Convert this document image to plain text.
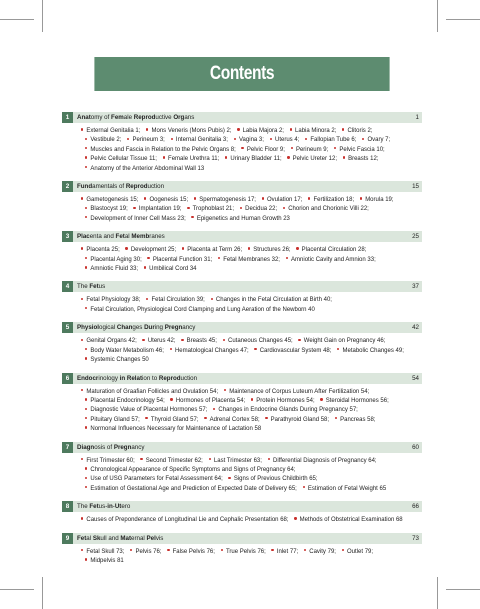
Contents
1	Anatomy of Female Reproductive Organs	1
External Genitalia 1; Mons Veneris (Mons Pubis) 2; Labia Majora 2; Labia Minora 2; Clitoris 2; Vestibule 2; Perineum 3; Internal Genitalia 3; Vagina 3; Uterus 4; Fallopian Tube 6; Ovary 7; Muscles and Fascia in Relation to the Pelvic Organs 8; Pelvic Floor 9; Perineum 9; Pelvic Fascia 10; Pelvic Cellular Tissue 11; Female Urethra 11; Urinary Bladder 11; Pelvic Ureter 12; Breasts 12; Anatomy of the Anterior Abdominal Wall 13
2	Fundamentals of Reproduction	15
Gametogenesis 15; Oogenesis 15; Spermatogenesis 17; Ovulation 17; Fertilization 18; Morula 19; Blastocyst 19; Implantation 19; Trophoblast 21; Decidua 22; Chorion and Chorionic Villi 22; Development of Inner Cell Mass 23; Epigenetics and Human Growth 23
3	Placenta and Fetal Membranes	25
Placenta 25; Development 25; Placenta at Term 26; Structures 26; Placental Circulation 28; Placental Aging 30; Placental Function 31; Fetal Membranes 32; Amniotic Cavity and Amnion 33; Amniotic Fluid 33; Umbilical Cord 34
4	The Fetus	37
Fetal Physiology 38; Fetal Circulation 39; Changes in the Fetal Circulation at Birth 40; Fetal Circulation, Physiological Cord Clamping and Lung Aeration of the Newborn 40
5	Physiological Changes During Pregnancy	42
Genital Organs 42; Uterus 42; Breasts 45; Cutaneous Changes 45; Weight Gain on Pregnancy 46; Body Water Metabolism 46; Hematological Changes 47; Cardiovascular System 48; Metabolic Changes 49; Systemic Changes 50
6	Endocrinology in Relation to Reproduction	54
Maturation of Graafian Follicles and Ovulation 54; Maintenance of Corpus Luteum After Fertilization 54; Placental Endocrinology 54; Hormones of Placenta 54; Protein Hormones 54; Steroidal Hormones 56; Diagnostic Value of Placental Hormones 57; Changes in Endocrine Glands During Pregnancy 57; Pituitary Gland 57; Thyroid Gland 57; Adrenal Cortex 58; Parathyroid Gland 58; Pancreas 58; Normonal Influences Necessary for Maintenance of Lactation 58
7	Diagnosis of Pregnancy	60
First Trimester 60; Second Trimester 62; Last Trimester 63; Differential Diagnosis of Pregnancy 64; Chronological Appearance of Specific Symptoms and Signs of Pregnancy 64; Use of USG Parameters for Fetal Assessment 64; Signs of Previous Childbirth 65; Estimation of Gestational Age and Prediction of Expected Date of Delivery 65; Estimation of Fetal Weight 65
8	The Fetus-in-Utero	66
Causes of Preponderance of Longitudinal Lie and Cephalic Presentation 68; Methods of Obstetrical Examination 68
9	Fetal Skull and Maternal Pelvis	73
Fetal Skull 73; Pelvis 76; False Pelvis 76; True Pelvis 76; Inlet 77; Cavity 79; Outlet 79; Midpelvis 81
